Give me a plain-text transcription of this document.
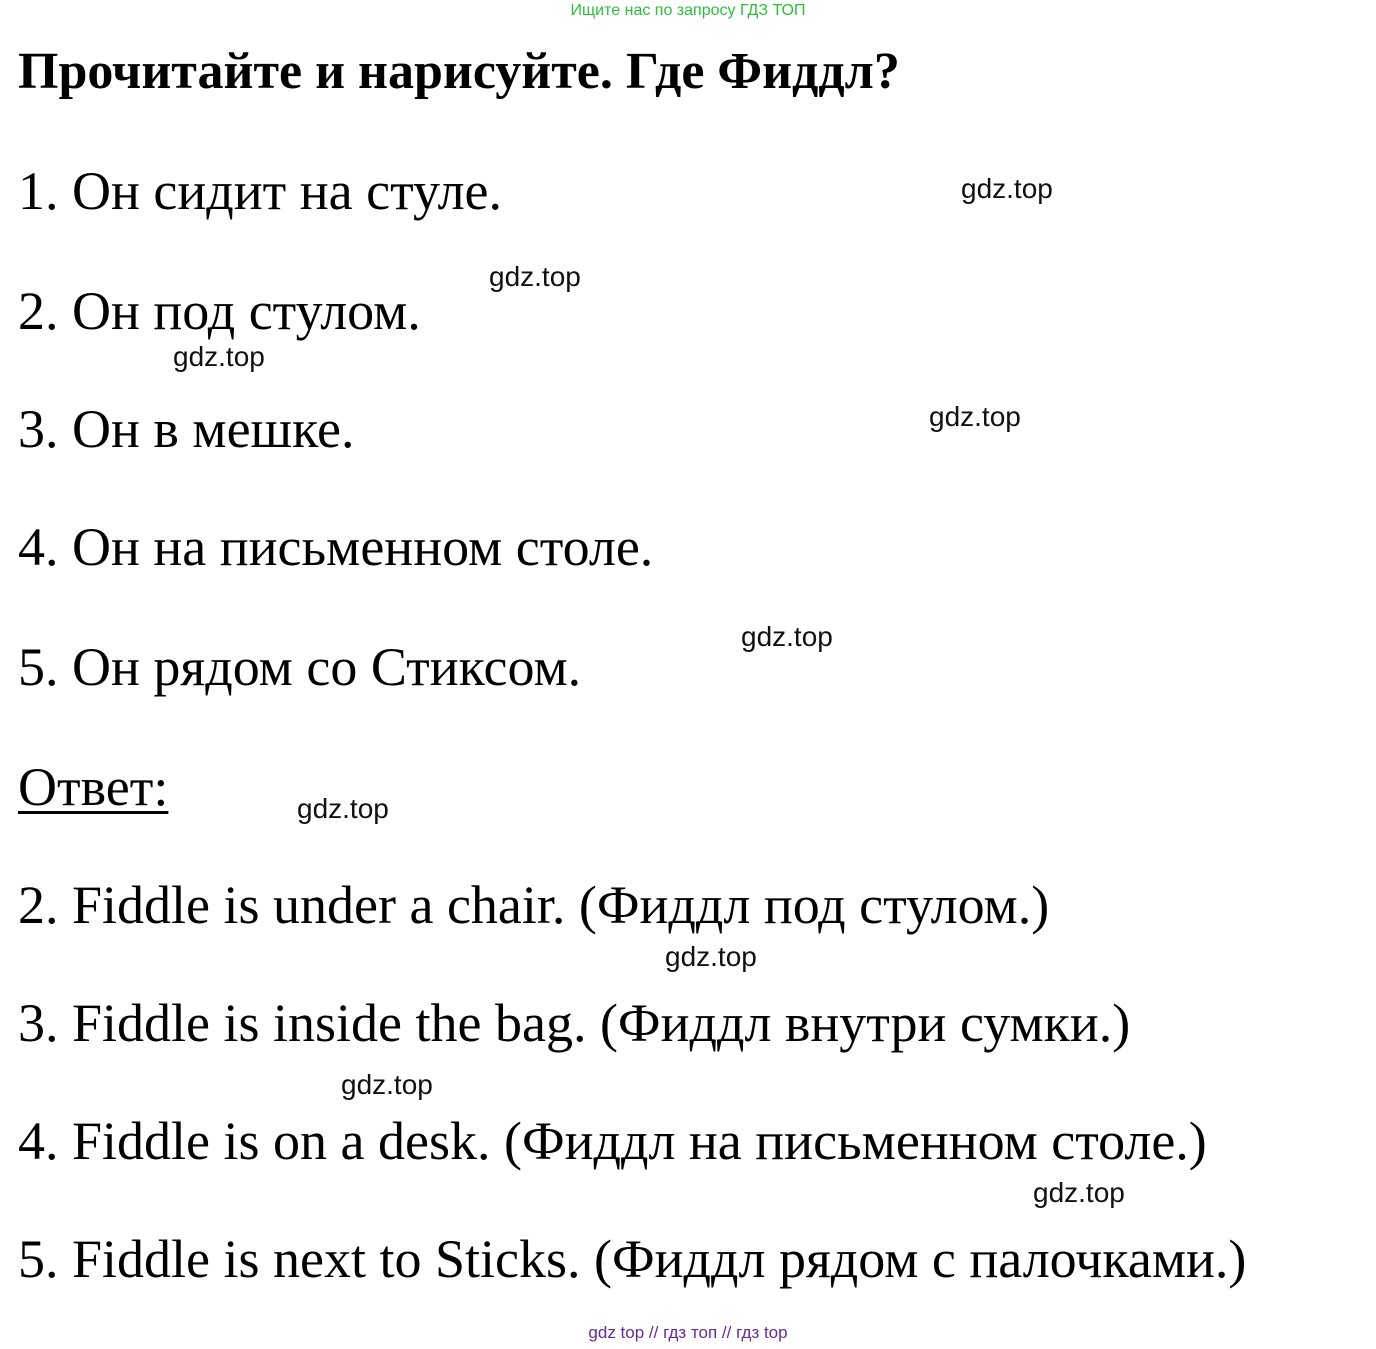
Ищите нас по запросу ГДЗ ТОП
Прочитайте и нарисуйте. Где Фиддл?
1. Он сидит на стуле.
2. Он под стулом.
3. Он в мешке.
4. Он на письменном столе.
5. Он рядом со Стиксом.
Ответ:
2. Fiddle is under a chair. (Фиддл под стулом.)
3. Fiddle is inside the bag. (Фиддл внутри сумки.)
4. Fiddle is on a desk. (Фиддл на письменном столе.)
5. Fiddle is next to Sticks. (Фиддл рядом с палочками.)
gdz.top
gdz.top
gdz.top
gdz.top
gdz.top
gdz.top
gdz.top
gdz.top
gdz.top
gdz top // гдз топ // гдз top
